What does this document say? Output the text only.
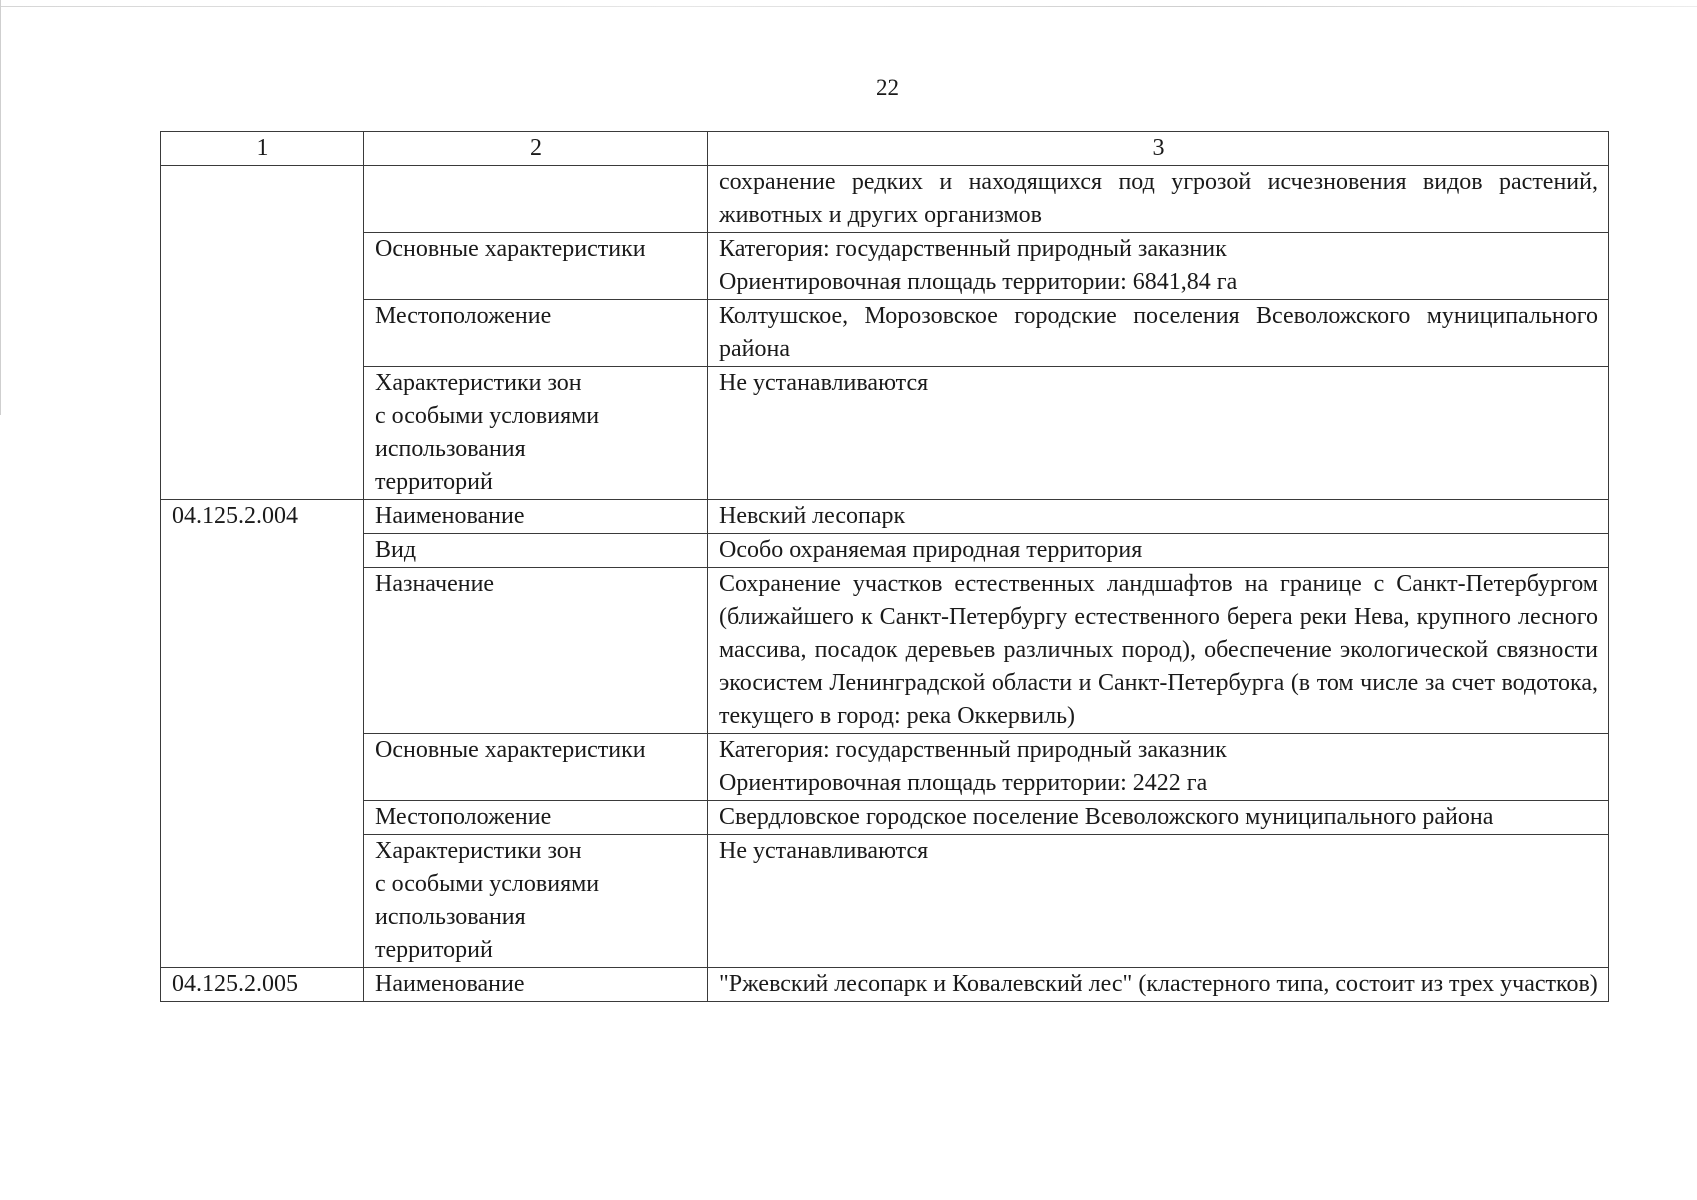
22
1	2	3
		сохранение редких и находящихся под угрозой исчезновения видов растений, животных и других организмов
	Основные характеристики	Категория: государственный природный заказник
Ориентировочная площадь территории: 6841,84 га

	Местоположение	Колтушское, Морозовское городские поселения Всеволожского муниципального района

	Характеристики зон
с особыми условиями
использования
территорий	Не устанавливаются
04.125.2.004	Наименование	Невский лесопарк
	Вид	Особо охраняемая природная территория
	Назначение	Сохранение участков естественных ландшафтов на границе с Санкт-Петербургом (ближайшего к Санкт-Петербургу естественного берега реки Нева, крупного лесного массива, посадок деревьев различных пород), обеспечение экологической связности экосистем Ленинградской области и Санкт-Петербурга (в том числе за счет водотока, текущего в город: река Оккервиль)
	Основные характеристики	Категория: государственный природный заказник
Ориентировочная площадь территории: 2422 га

	Местоположение	Свердловское городское поселение Всеволожского муниципального района

	Характеристики зон
с особыми условиями
использования
территорий	Не устанавливаются
04.125.2.005	Наименование	"Ржевский лесопарк и Ковалевский лес" (кластерного типа, состоит из трех участков)
